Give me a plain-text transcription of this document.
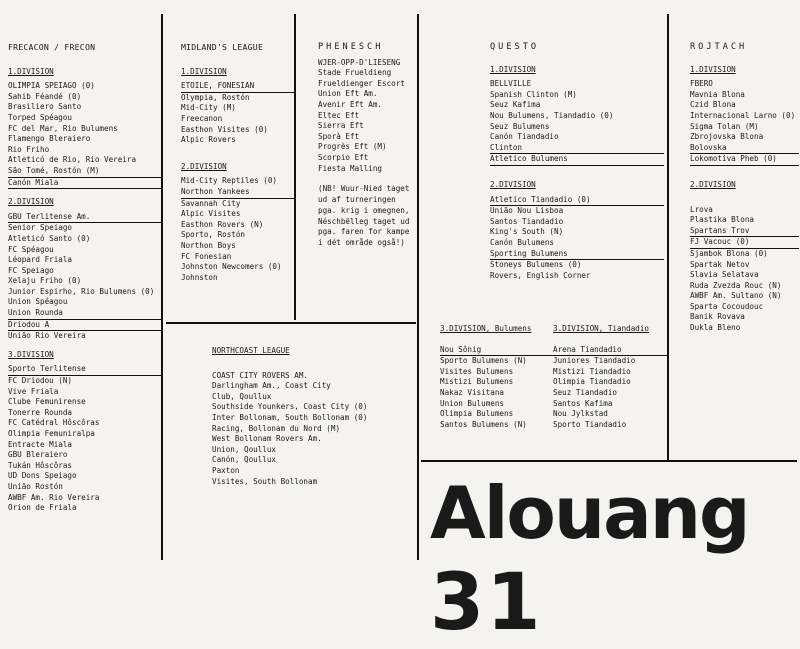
FRECACON / FRECON
1.DIVISION
OLIMPIA SPEIAGO (0)
Sahib Féandé (0)
Brasiliero Santo
Torped Spéagou
FC del Mar, Rio Bulumens
Flamengo Bleraiero
Rio Friho
Atleticó de Rio, Rio Vereira
São Tomé, Rostón (M)
Canón Miala
2.DIVISION
GBU Terlitense Am.
Senior Speiago
Atleticó Santo (0)
FC Spéagou
Léopard Friala
FC Speiago
Xelaju Friho (0)
Junior Espirho, Rio Bulumens (0)
Union Spéagou
Union Rounda
Driodou A
União Rio Vereira
3.DIVISION
Sporto Terlitense
FC Driodou (N)
Vive Friala
Clube Femunirense
Tonerre Rounda
FC Catédral Hôscôras
Olimpia Femuniralpa
Entracte Miala
GBU Bleraiero
Tukán Hôscôras
UD Dons Speiago
União Rostón
AWBF Am. Rio Vereira
Orion de Friala
MIDLAND'S LEAGUE
1.DIVISION
ETOILE, FONESIAN
Olympia, Rostón
Mid-City (M)
Freecanon
Easthon Visites (0)
Alpic Rovers
2.DIVISION
Mid-City Reptiles (0)
Northon Yankees
Savannah City
Alpic Visites
Easthon Rovers (N)
Sporto, Rostón
Northon Boys
FC Fonesian
Johnston Newcomers (0)
Johnston
PHENESCH
WJER-OPP-D'LIESENG
Stade Frueldieng
Frueldienger Escort
Union Eft Am.
Avenir Eft Am.
Eltec Eft
Sierra Eft
Sporà Eft
Progrès Eft (M)
Scorpio Eft
Fiesta Malling
(NB! Wuur-Nied taget
ud af turneringen
pga. krig i omegnen,
Néschbëlleg taget ud
pga. faren for kampe
i dét område også!)
QUESTO
1.DIVISION
BELLVILLE
Spanish Clinton (M)
Seuz Kafima
Nou Bulumens, Tiandadio (0)
Seuz Bulumens
Canón Tiandadio
Clinton
Atletico Bulumens
2.DIVISION
Atletico Tiandadio (0)
União Nou Lisboa
Santos Tiandadio
King's South (N)
Canón Bulumens
Sporting Bulumens
Stoneys Bulumens (0)
Rovers, English Corner
3.DIVISION, Bulumens
Nou Sônig
Sporto Bulumens (N)
Visites Bulumens
Mistizi Bulumens
Nakaz Visitana
Union Bulumens
Olimpia Bulumens
Santos Bulumens (N)
3.DIVISION, Tiandadio
Arena Tiandadio
Juniores Tiandadio
Mistizi Tiandadio
Olimpia Tiandadio
Seuz Tiandadio
Santos Kafima
Nou Jylkstad
Sporto Tiandadio
ROJTACH
1.DIVISION
FBERO
Mavnia Blona
Czid Blona
Internacional Larno (0)
Sigma Tolan (M)
Zbrojovska Blona
Bolovska
Lokomotiva Pheb (0)
2.DIVISION
Lrova
Plastika Blona
Spartans Trov
FJ Vacouc (0)
Sjambok Blona (0)
Spartak Netov
Slavia Selatava
Ruda Zvezda Rouc (N)
AWBF Am. Sultano (N)
Sparta Cocoudouc
Banik Rovava
Dukla Bleno
NORTHCOAST LEAGUE
COAST CITY ROVERS AM.
Darlingham Am., Coast City
Club, Qoullux
Southside Younkers, Coast City (0)
Inter Bollonam, South Bollonam (0)
Racing, Bollonam du Nord (M)
West Bollonam Rovers Am.
Union, Qoullux
Canón, Qoullux
Paxton
Visites, South Bollonam	Alouang 31
